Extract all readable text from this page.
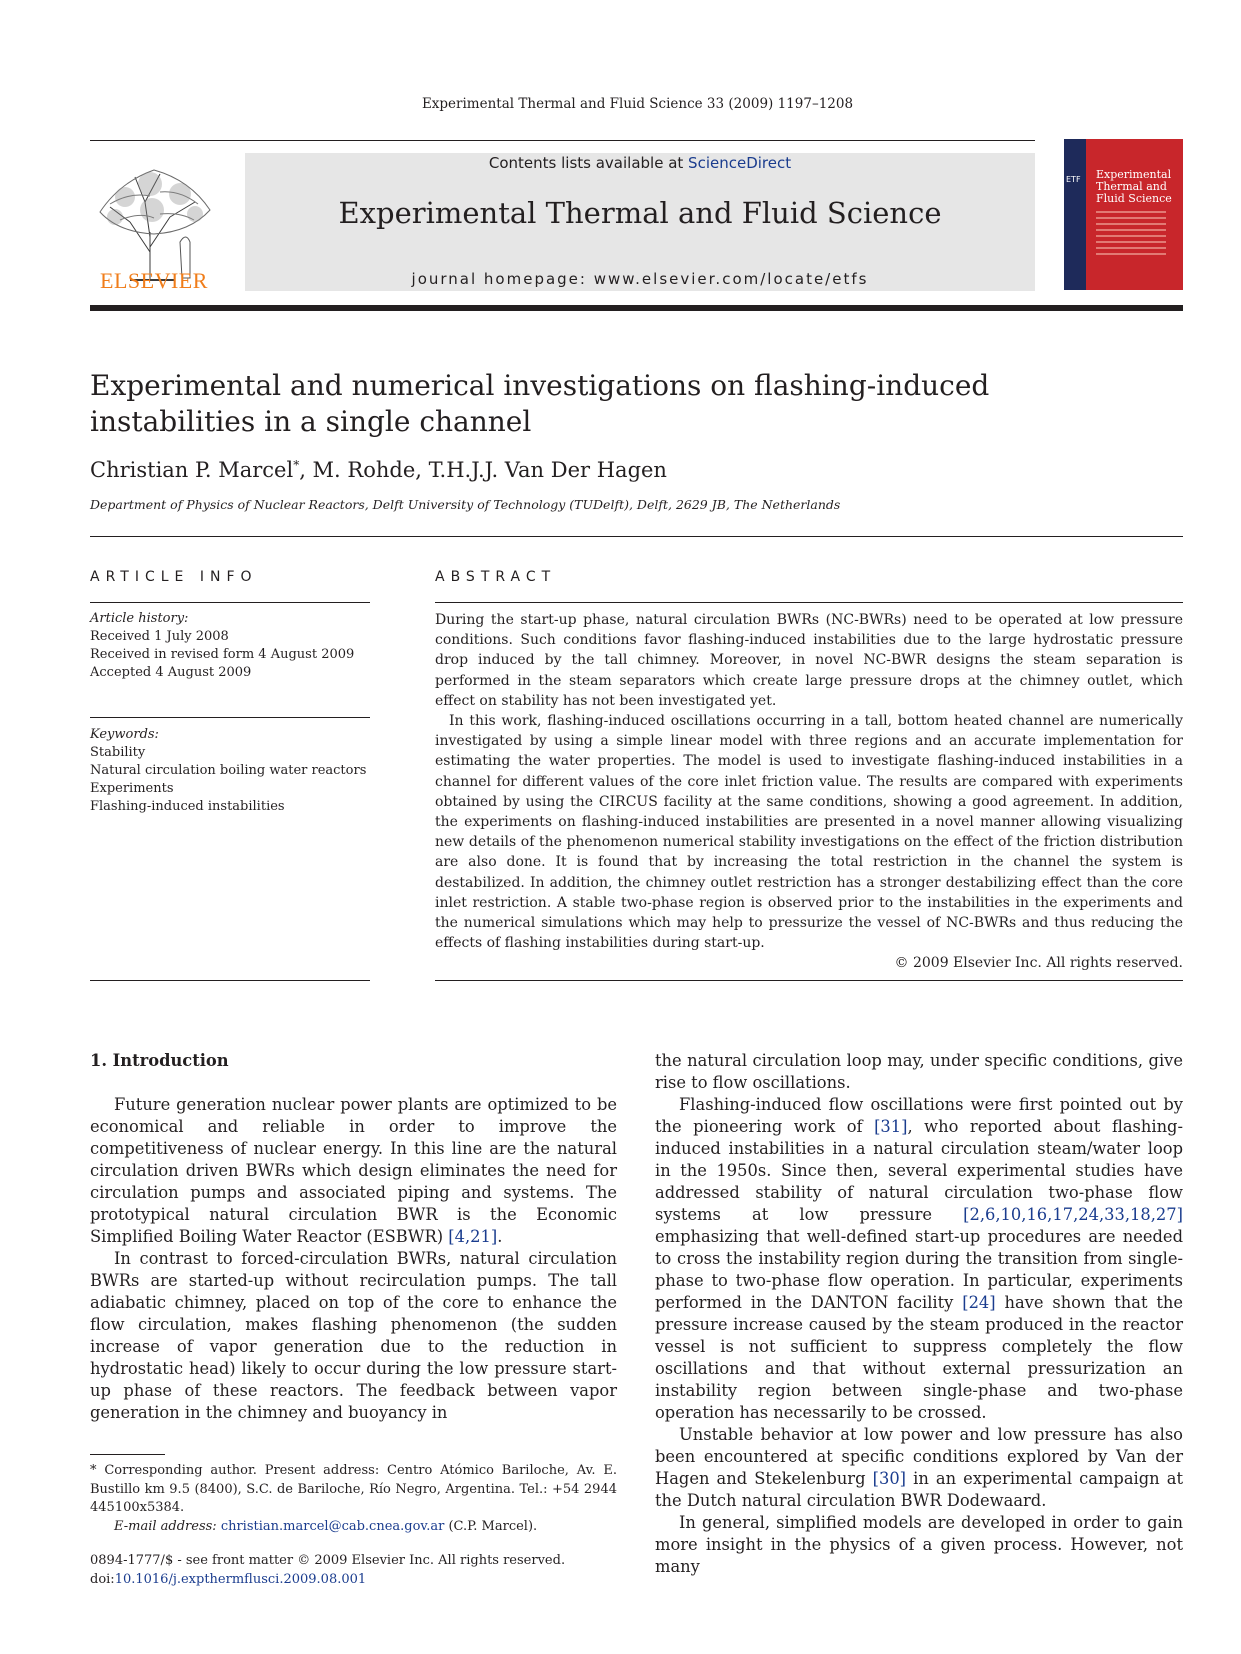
Experimental Thermal and Fluid Science 33 (2009) 1197–1208
ELSEVIER
Contents lists available at ScienceDirect
Experimental Thermal and Fluid Science
journal homepage: www.elsevier.com/locate/etfs
ETF Experimental Thermal and Fluid Science
Experimental and numerical investigations on flashing-induced instabilities in a single channel
Christian P. Marcel*, M. Rohde, T.H.J.J. Van Der Hagen
Department of Physics of Nuclear Reactors, Delft University of Technology (TUDelft), Delft, 2629 JB, The Netherlands
ARTICLE INFO	ABSTRACT
Article history:
Received 1 July 2008
Received in revised form 4 August 2009
Accepted 4 August 2009
Keywords:
Stability
Natural circulation boiling water reactors
Experiments
Flashing-induced instabilities

During the start-up phase, natural circulation BWRs (NC-BWRs) need to be operated at low pressure conditions. Such conditions favor flashing-induced instabilities due to the large hydrostatic pressure drop induced by the tall chimney. Moreover, in novel NC-BWR designs the steam separation is performed in the steam separators which create large pressure drops at the chimney outlet, which effect on stability has not been investigated yet.

In this work, flashing-induced oscillations occurring in a tall, bottom heated channel are numerically investigated by using a simple linear model with three regions and an accurate implementation for estimating the water properties. The model is used to investigate flashing-induced instabilities in a channel for different values of the core inlet friction value. The results are compared with experiments obtained by using the CIRCUS facility at the same conditions, showing a good agreement. In addition, the experiments on flashing-induced instabilities are presented in a novel manner allowing visualizing new details of the phenomenon numerical stability investigations on the effect of the friction distribution are also done. It is found that by increasing the total restriction in the channel the system is destabilized. In addition, the chimney outlet restriction has a stronger destabilizing effect than the core inlet restriction. A stable two-phase region is observed prior to the instabilities in the experiments and the numerical simulations which may help to pressurize the vessel of NC-BWRs and thus reducing the effects of flashing instabilities during start-up.

© 2009 Elsevier Inc. All rights reserved.

1. Introduction

Future generation nuclear power plants are optimized to be economical and reliable in order to improve the competitiveness of nuclear energy. In this line are the natural circulation driven BWRs which design eliminates the need for circulation pumps and associated piping and systems. The prototypical natural circulation BWR is the Economic Simplified Boiling Water Reactor (ESBWR) [4,21].

In contrast to forced-circulation BWRs, natural circulation BWRs are started-up without recirculation pumps. The tall adiabatic chimney, placed on top of the core to enhance the flow circulation, makes flashing phenomenon (the sudden increase of vapor generation due to the reduction in hydrostatic head) likely to occur during the low pressure start-up phase of these reactors. The feedback between vapor generation in the chimney and buoyancy in

the natural circulation loop may, under specific conditions, give rise to flow oscillations.

Flashing-induced flow oscillations were first pointed out by the pioneering work of [31], who reported about flashing-induced instabilities in a natural circulation steam/water loop in the 1950s. Since then, several experimental studies have addressed stability of natural circulation two-phase flow systems at low pressure [2,6,10,16,17,24,33,18,27] emphasizing that well-defined start-up procedures are needed to cross the instability region during the transition from single-phase to two-phase flow operation. In particular, experiments performed in the DANTON facility [24] have shown that the pressure increase caused by the steam produced in the reactor vessel is not sufficient to suppress completely the flow oscillations and that without external pressurization an instability region between single-phase and two-phase operation has necessarily to be crossed.

Unstable behavior at low power and low pressure has also been encountered at specific conditions explored by Van der Hagen and Stekelenburg [30] in an experimental campaign at the Dutch natural circulation BWR Dodewaard.

In general, simplified models are developed in order to gain more insight in the physics of a given process. However, not many

* Corresponding author. Present address: Centro Atómico Bariloche, Av. E. Bustillo km 9.5 (8400), S.C. de Bariloche, Río Negro, Argentina. Tel.: +54 2944 445100x5384.
E-mail address: christian.marcel@cab.cnea.gov.ar (C.P. Marcel).
0894-1777/$ - see front matter © 2009 Elsevier Inc. All rights reserved.
doi:10.1016/j.expthermflusci.2009.08.001
